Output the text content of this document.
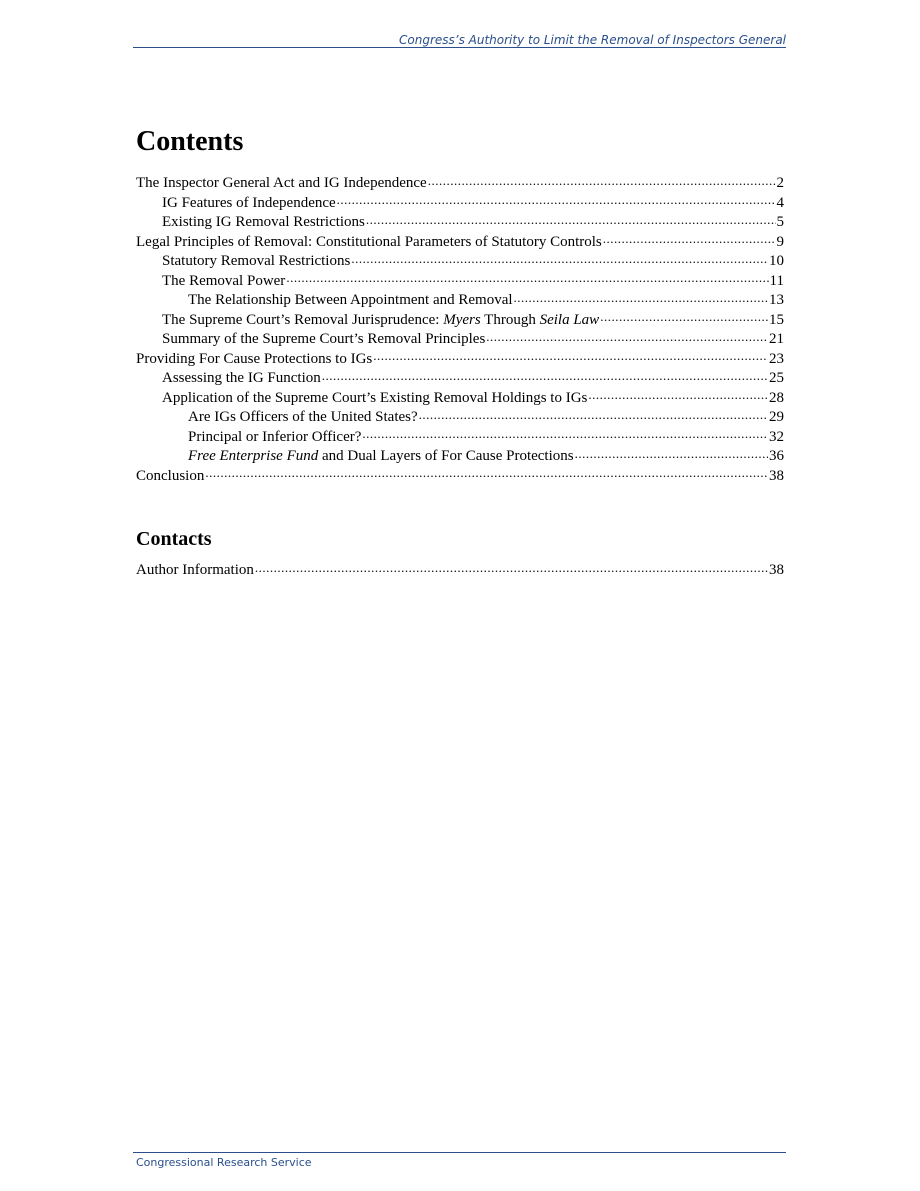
Congress’s Authority to Limit the Removal of Inspectors General
Contents
The Inspector General Act and IG Independence .....	2
IG Features of Independence .....	4
Existing IG Removal Restrictions .....	5
Legal Principles of Removal: Constitutional Parameters of Statutory Controls .....	9
Statutory Removal Restrictions .....	10
The Removal Power .....	11
The Relationship Between Appointment and Removal .....	13
The Supreme Court’s Removal Jurisprudence: Myers Through Seila Law .....	15
Summary of the Supreme Court’s Removal Principles .....	21
Providing For Cause Protections to IGs .....	23
Assessing the IG Function .....	25
Application of the Supreme Court’s Existing Removal Holdings to IGs .....	28
Are IGs Officers of the United States? .....	29
Principal or Inferior Officer? .....	32
Free Enterprise Fund and Dual Layers of For Cause Protections .....	36
Conclusion .....	38
Contacts
Author Information .....	38
Congressional Research Service
